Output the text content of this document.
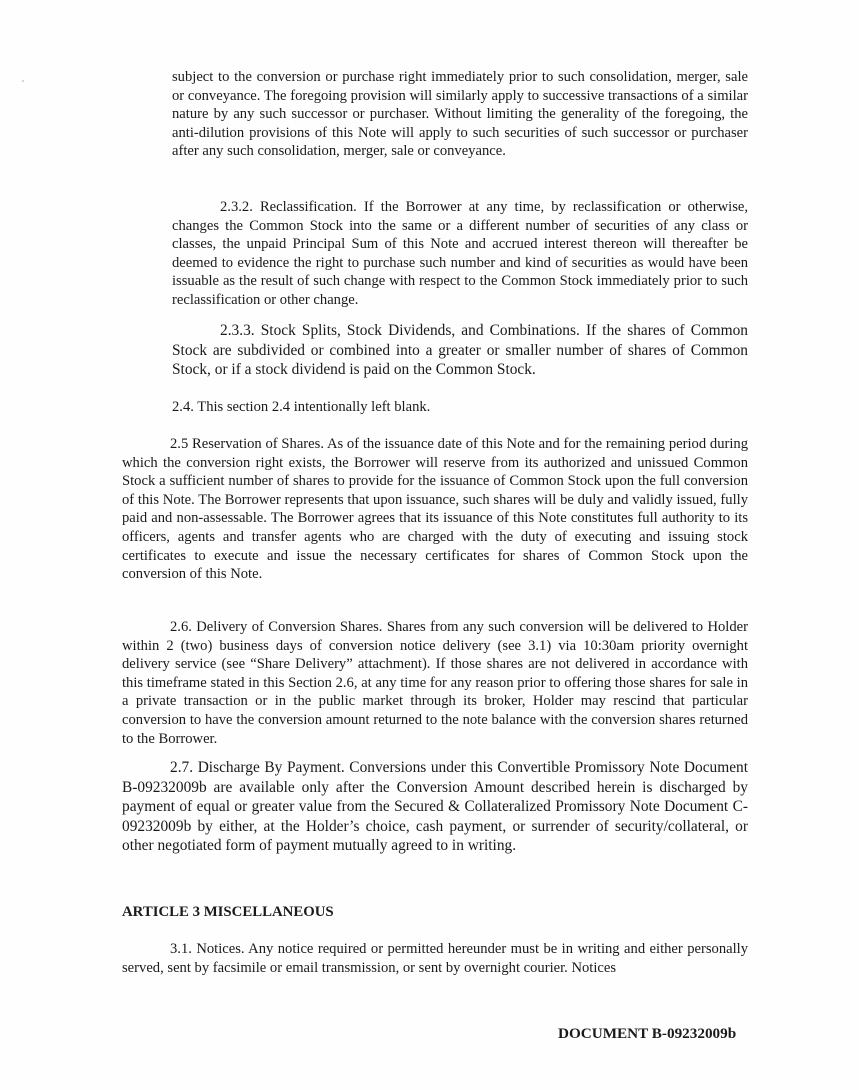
subject to the conversion or purchase right immediately prior to such consolidation, merger, sale or conveyance. The foregoing provision will similarly apply to successive transactions of a similar nature by any such successor or purchaser. Without limiting the generality of the foregoing, the anti-dilution provisions of this Note will apply to such securities of such successor or purchaser after any such consolidation, merger, sale or conveyance.

2.3.2. Reclassification. If the Borrower at any time, by reclassification or otherwise, changes the Common Stock into the same or a different number of securities of any class or classes, the unpaid Principal Sum of this Note and accrued interest thereon will thereafter be deemed to evidence the right to purchase such number and kind of securities as would have been issuable as the result of such change with respect to the Common Stock immediately prior to such reclassification or other change.

2.3.3. Stock Splits, Stock Dividends, and Combinations. If the shares of Common Stock are subdivided or combined into a greater or smaller number of shares of Common Stock, or if a stock dividend is paid on the Common Stock.

2.4. This section 2.4 intentionally left blank.

2.5 Reservation of Shares. As of the issuance date of this Note and for the remaining period during which the conversion right exists, the Borrower will reserve from its authorized and unissued Common Stock a sufficient number of shares to provide for the issuance of Common Stock upon the full conversion of this Note. The Borrower represents that upon issuance, such shares will be duly and validly issued, fully paid and non-assessable. The Borrower agrees that its issuance of this Note constitutes full authority to its officers, agents and transfer agents who are charged with the duty of executing and issuing stock certificates to execute and issue the necessary certificates for shares of Common Stock upon the conversion of this Note.

2.6. Delivery of Conversion Shares. Shares from any such conversion will be delivered to Holder within 2 (two) business days of conversion notice delivery (see 3.1) via 10:30am priority overnight delivery service (see “Share Delivery” attachment). If those shares are not delivered in accordance with this timeframe stated in this Section 2.6, at any time for any reason prior to offering those shares for sale in a private transaction or in the public market through its broker, Holder may rescind that particular conversion to have the conversion amount returned to the note balance with the conversion shares returned to the Borrower.

2.7. Discharge By Payment. Conversions under this Convertible Promissory Note Document B-09232009b are available only after the Conversion Amount described herein is discharged by payment of equal or greater value from the Secured & Collateralized Promissory Note Document C-09232009b by either, at the Holder’s choice, cash payment, or surrender of security/collateral, or other negotiated form of payment mutually agreed to in writing.

ARTICLE 3 MISCELLANEOUS

3.1. Notices. Any notice required or permitted hereunder must be in writing and either personally served, sent by facsimile or email transmission, or sent by overnight courier. Notices

DOCUMENT B-09232009b
